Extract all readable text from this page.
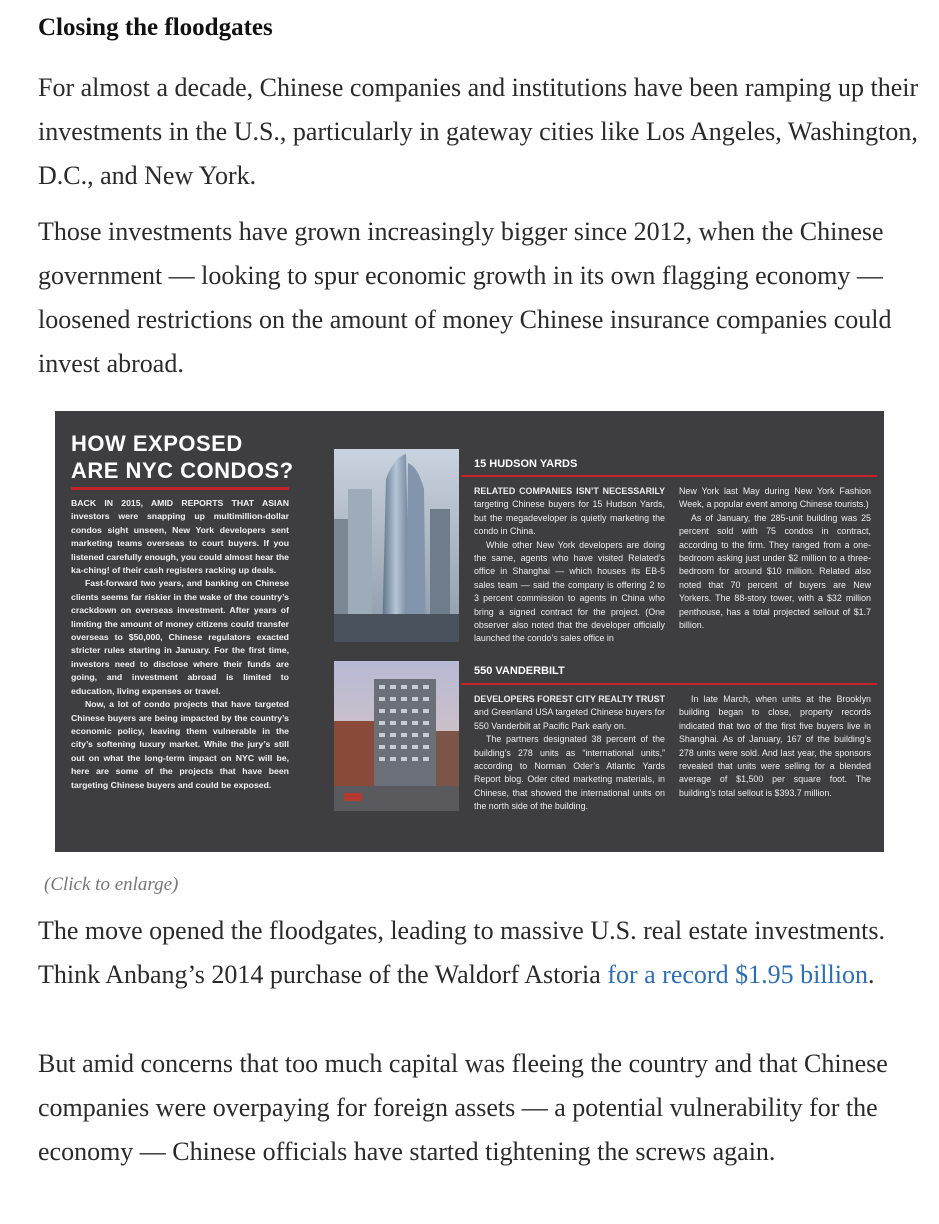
Closing the floodgates

For almost a decade, Chinese companies and institutions have been ramping up their investments in the U.S., particularly in gateway cities like Los Angeles, Washington, D.C., and New York.

Those investments have grown increasingly bigger since 2012, when the Chinese government — looking to spur economic growth in its own flagging economy — loosened restrictions on the amount of money Chinese insurance companies could invest abroad.

HOW EXPOSED
ARE NYC CONDOS?

BACK IN 2015, AMID REPORTS THAT ASIAN investors were snapping up multimillion-dollar condos sight unseen, New York developers sent marketing teams overseas to court buyers. If you listened carefully enough, you could almost hear the ka-ching! of their cash registers racking up deals.

Fast-forward two years, and banking on Chinese clients seems far riskier in the wake of the country’s crackdown on overseas investment. After years of limiting the amount of money citizens could transfer overseas to $50,000, Chinese regulators exacted stricter rules starting in January. For the first time, investors need to disclose where their funds are going, and investment abroad is limited to education, living expenses or travel.

Now, a lot of condo projects that have targeted Chinese buyers are being impacted by the country’s economic policy, leaving them vulnerable in the city’s softening luxury market. While the jury’s still out on what the long-term impact on NYC will be, here are some of the projects that have been targeting Chinese buyers and could be exposed.

15 HUDSON YARDS

RELATED COMPANIES ISN’T NECESSARILY targeting Chinese buyers for 15 Hudson Yards, but the megadeveloper is quietly marketing the condo in China.

While other New York developers are doing the same, agents who have visited Related’s office in Shanghai — which houses its EB-5 sales team — said the company is offering 2 to 3 percent commission to agents in China who bring a signed contract for the project. (One observer also noted that the developer officially launched the condo’s sales office in

New York last May during New York Fashion Week, a popular event among Chinese tourists.)

As of January, the 285-unit building was 25 percent sold with 75 condos in contract, according to the firm. They ranged from a one-bedroom asking just under $2 million to a three-bedroom for around $10 million. Related also noted that 70 percent of buyers are New Yorkers. The 88-story tower, with a $32 million penthouse, has a total projected sellout of $1.7 billion.

550 VANDERBILT

DEVELOPERS FOREST CITY REALTY TRUST and Greenland USA targeted Chinese buyers for 550 Vanderbilt at Pacific Park early on.

The partners designated 38 percent of the building’s 278 units as “international units,” according to Norman Oder’s Atlantic Yards Report blog. Oder cited marketing materials, in Chinese, that showed the international units on the north side of the building.

In late March, when units at the Brooklyn building began to close, property records indicated that two of the first five buyers live in Shanghai. As of January, 167 of the building’s 278 units were sold. And last year, the sponsors revealed that units were selling for a blended average of $1,500 per square foot. The building’s total sellout is $393.7 million.

(Click to enlarge)

The move opened the floodgates, leading to massive U.S. real estate investments. Think Anbang’s 2014 purchase of the Waldorf Astoria for a record $1.95 billion.

But amid concerns that too much capital was fleeing the country and that Chinese companies were overpaying for foreign assets — a potential vulnerability for the economy — Chinese officials have started tightening the screws again.
